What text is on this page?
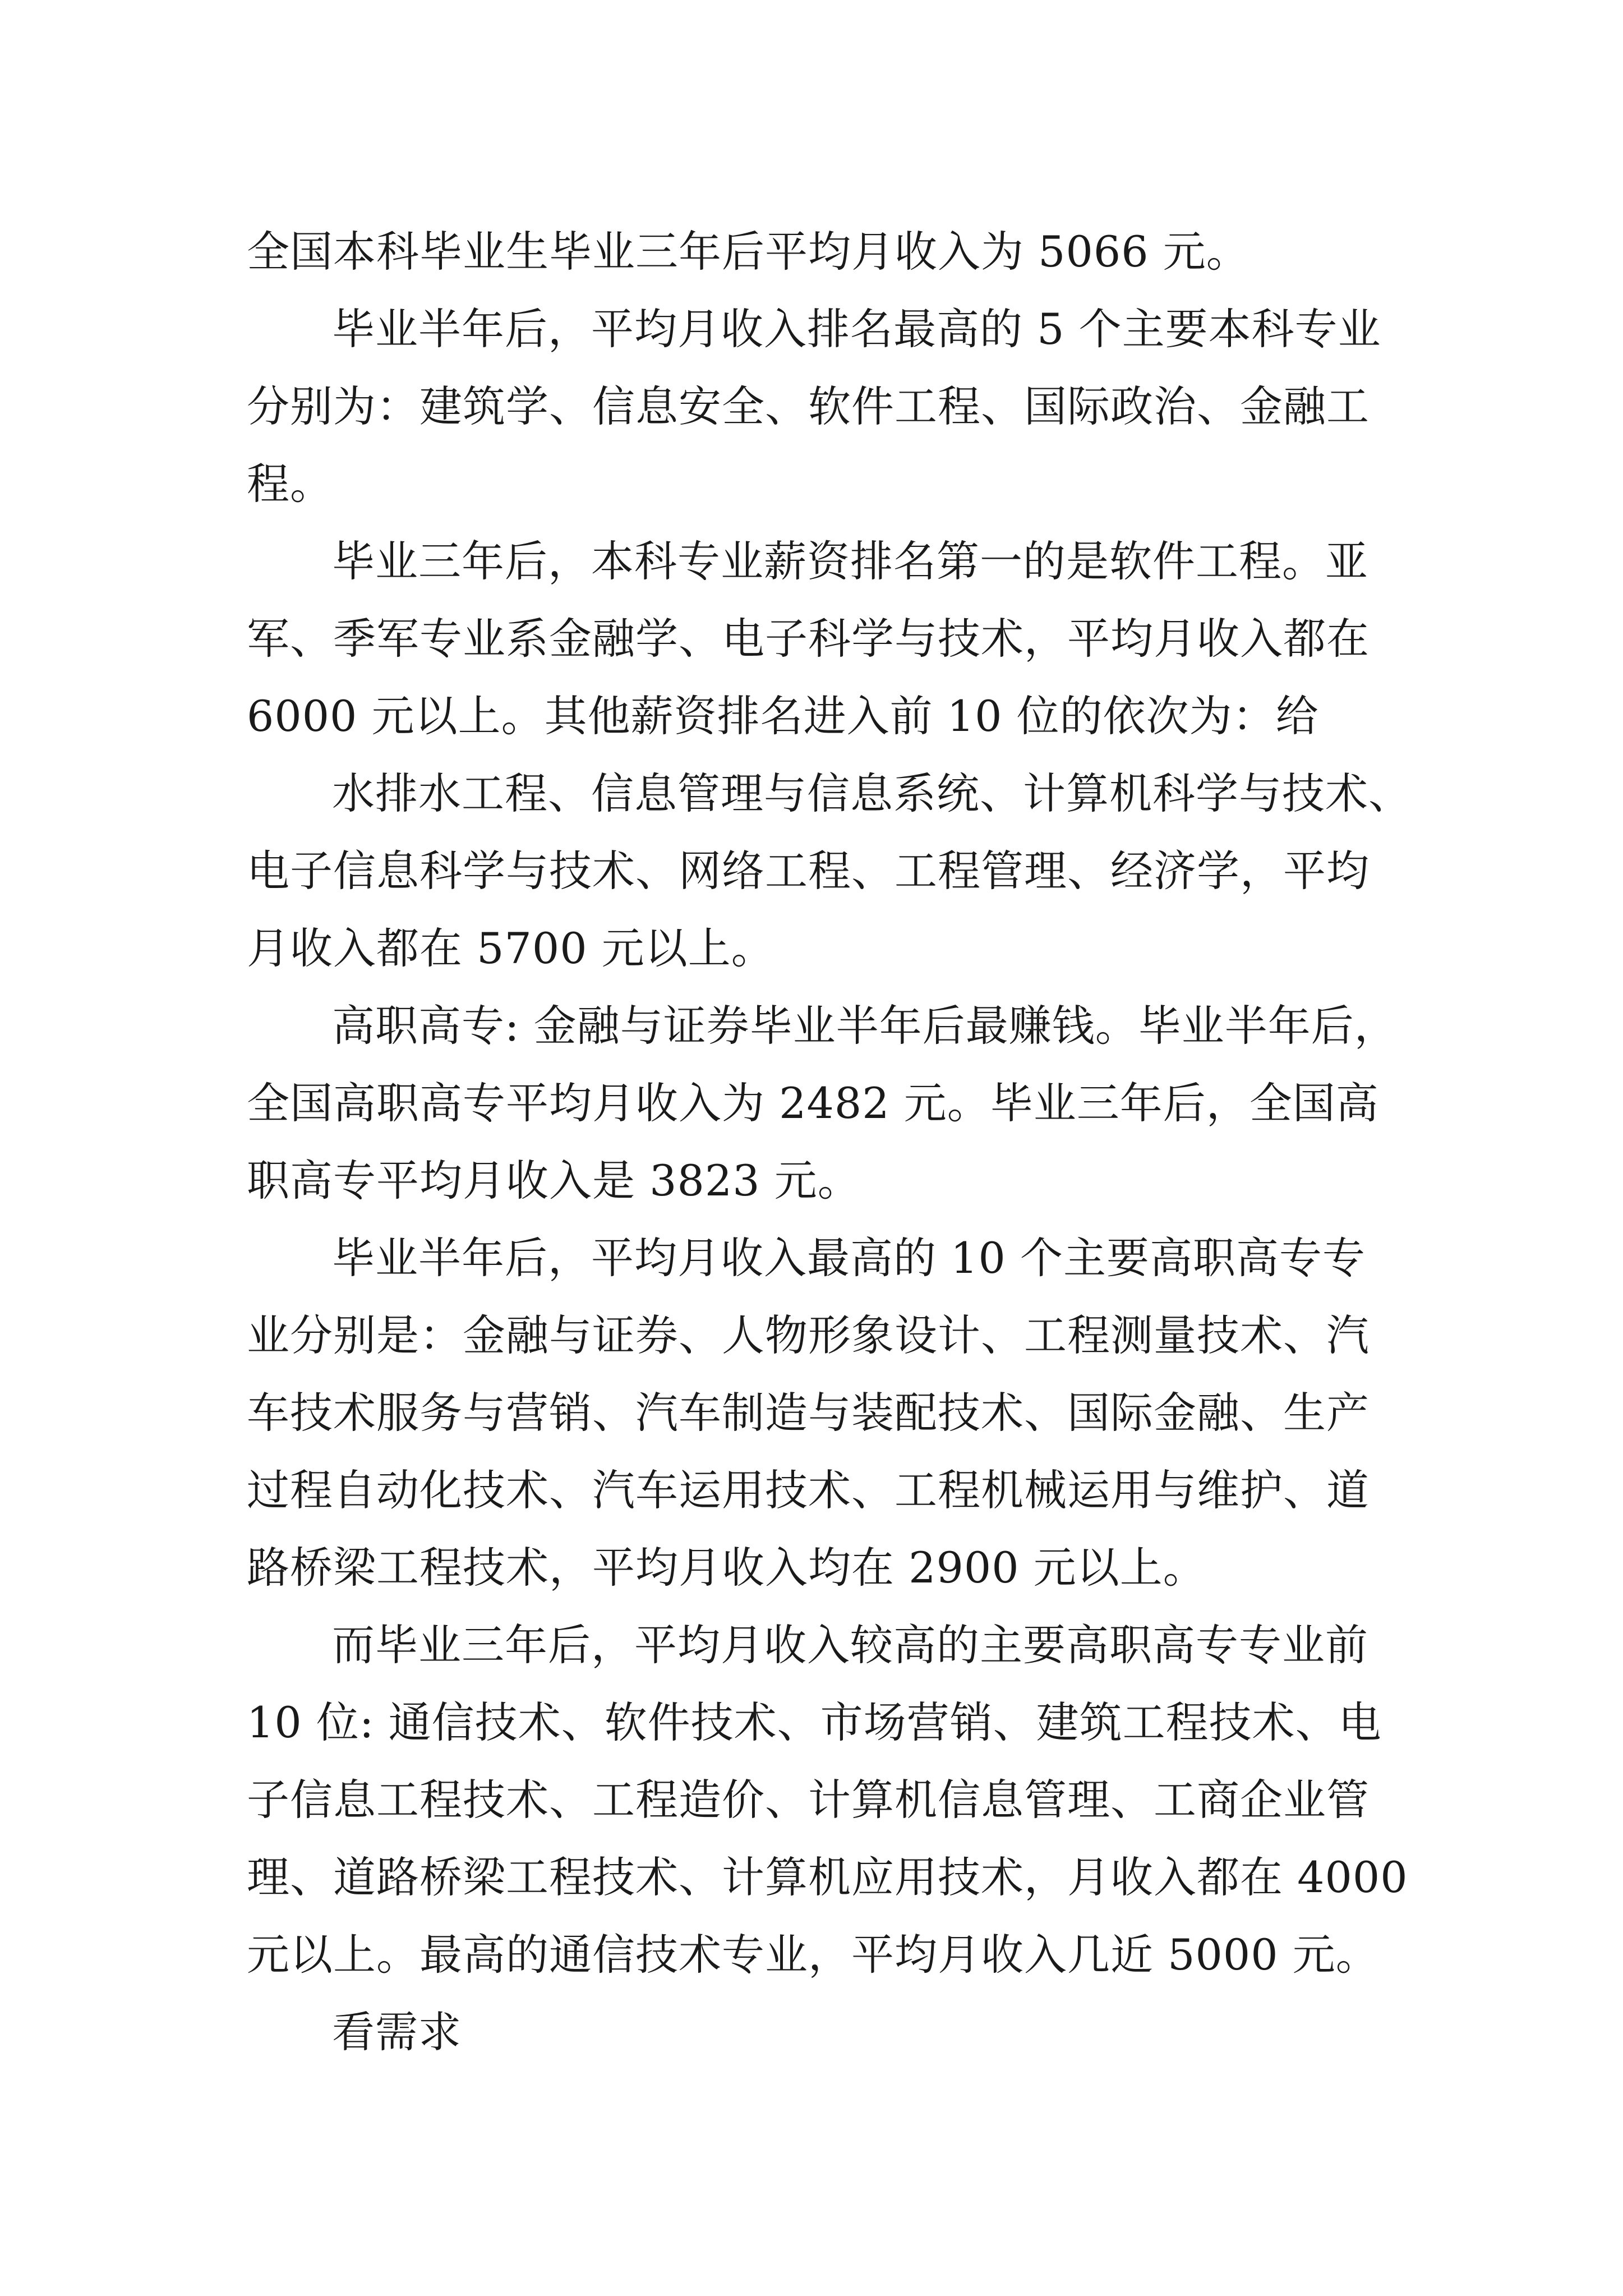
全国本科毕业生毕业三年后平均月收入为 5066 元。
毕业半年后，平均月收入排名最高的 5 个主要本科专业
分别为：建筑学、信息安全、软件工程、国际政治、金融工
程。
毕业三年后，本科专业薪资排名第一的是软件工程。亚
军、季军专业系金融学、电子科学与技术，平均月收入都在
6000 元以上。其他薪资排名进入前 10 位的依次为：给
水排水工程、信息管理与信息系统、计算机科学与技术、
电子信息科学与技术、网络工程、工程管理、经济学，平均
月收入都在 5700 元以上。
高职高专: 金融与证券毕业半年后最赚钱。毕业半年后，
全国高职高专平均月收入为 2482 元。毕业三年后，全国高
职高专平均月收入是 3823 元。
毕业半年后，平均月收入最高的 10 个主要高职高专专
业分别是：金融与证券、人物形象设计、工程测量技术、汽
车技术服务与营销、汽车制造与装配技术、国际金融、生产
过程自动化技术、汽车运用技术、工程机械运用与维护、道
路桥梁工程技术，平均月收入均在 2900 元以上。
而毕业三年后，平均月收入较高的主要高职高专专业前
10 位: 通信技术、软件技术、市场营销、建筑工程技术、电
子信息工程技术、工程造价、计算机信息管理、工商企业管
理、道路桥梁工程技术、计算机应用技术，月收入都在 4000
元以上。最高的通信技术专业，平均月收入几近 5000 元。
看需求
